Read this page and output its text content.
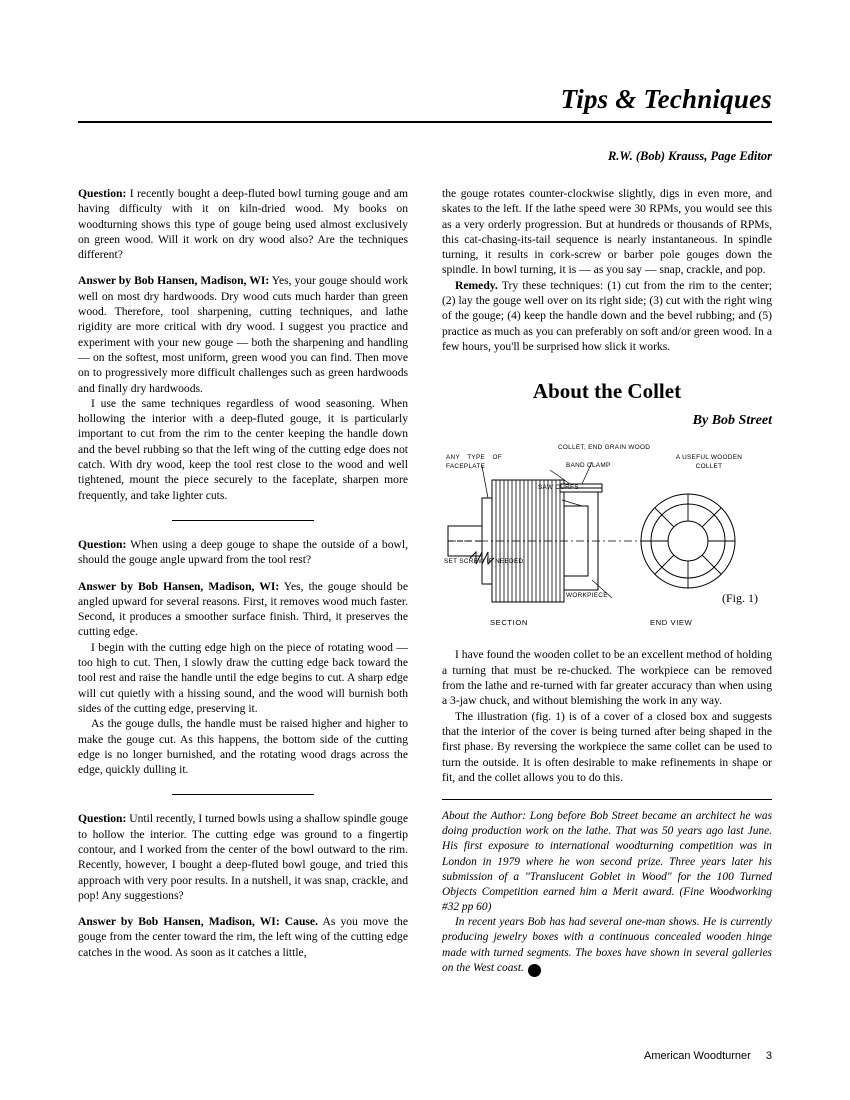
Tips & Techniques
R.W. (Bob) Krauss, Page Editor

Question: I recently bought a deep-fluted bowl turning gouge and am having difficulty with it on kiln-dried wood. My books on woodturning shows this type of gouge being used almost exclusively on green wood. Will it work on dry wood also? Are the techniques different?

Answer by Bob Hansen, Madison, WI: Yes, your gouge should work well on most dry hardwoods. Dry wood cuts much harder than green wood. Therefore, tool sharpening, cutting techniques, and lathe rigidity are more critical with dry wood. I suggest you practice and experiment with your new gouge — both the sharpening and handling — on the softest, most uniform, green wood you can find. Then move on to progressively more difficult challenges such as green hardwoods and finally dry hardwoods.

I use the same techniques regardless of wood seasoning. When hollowing the interior with a deep-fluted gouge, it is particularly important to cut from the rim to the center keeping the handle down and the bevel rubbing so that the left wing of the cutting edge does not catch. With dry wood, keep the tool rest close to the wood and well tightened, mount the piece securely to the faceplate, sharpen more frequently, and take lighter cuts.

Question: When using a deep gouge to shape the outside of a bowl, should the gouge angle upward from the tool rest?

Answer by Bob Hansen, Madison, WI: Yes, the gouge should be angled upward for several reasons. First, it removes wood much faster. Second, it produces a smoother surface finish. Third, it preserves the cutting edge.

I begin with the cutting edge high on the piece of rotating wood — too high to cut. Then, I slowly draw the cutting edge back toward the tool rest and raise the handle until the edge begins to cut. A sharp edge will cut quietly with a hissing sound, and the wood will burnish both sides of the cutting edge, preserving it.

As the gouge dulls, the handle must be raised higher and higher to make the gouge cut. As this happens, the bottom side of the cutting edge is no longer burnished, and the rotating wood drags across the edge, quickly dulling it.

Question: Until recently, I turned bowls using a shallow spindle gouge to hollow the interior. The cutting edge was ground to a fingertip contour, and I worked from the center of the bowl outward to the rim. Recently, however, I bought a deep-fluted bowl gouge, and tried this approach with very poor results. In a nutshell, it was snap, crackle, and pop! Any suggestions?

Answer by Bob Hansen, Madison, WI: Cause. As you move the gouge from the center toward the rim, the left wing of the cutting edge catches in the wood. As soon as it catches a little,

the gouge rotates counter-clockwise slightly, digs in even more, and skates to the left. If the lathe speed were 30 RPMs, you would see this as a very orderly progression. But at hundreds or thousands of RPMs, this cat-chasing-its-tail sequence is nearly instantaneous. In spindle turning, it results in cork-screw or barber pole gouges down the spindle. In bowl turning, it is — as you say — snap, crackle, and pop.

Remedy. Try these techniques: (1) cut from the rim to the center; (2) lay the gouge well over on its right side; (3) cut with the right wing of the gouge; (4) keep the handle down and the bevel rubbing; and (5) practice as much as you can preferably on soft and/or green wood. In a few hours, you'll be surprised how slick it works.

About the Collet
By Bob Street
ANY TYPE OF FACEPLATE
COLLET, END GRAIN WOOD
BAND CLAMP
SAW CURFS
SET SCREW IF NEEDED
WORKPIECE
A USEFUL WOODEN COLLET
SECTION	END VIEW
(Fig. 1)

I have found the wooden collet to be an excellent method of holding a turning that must be re-chucked. The workpiece can be removed from the lathe and re-turned with far greater accuracy than when using a 3-jaw chuck, and without blemishing the work in any way.

The illustration (fig. 1) is of a cover of a closed box and suggests that the interior of the cover is being turned after being shaped in the first phase. By reversing the workpiece the same collet can be used to turn the outside. It is often desirable to make refinements in shape or fit, and the collet allows you to do this.

About the Author: Long before Bob Street became an architect he was doing production work on the lathe. That was 50 years ago last June. His first exposure to international woodturning competition was in London in 1979 where he won second prize. Three years later his submission of a "Translucent Goblet in Wood" for the 100 Turned Objects Competition earned him a Merit award. (Fine Woodworking #32 pp 60)

In recent years Bob has had several one-man shows. He is currently producing jewelry boxes with a continuous concealed wooden hinge made with turned segments. The boxes have shown in several galleries on the West coast. ●

American Woodturner 3
